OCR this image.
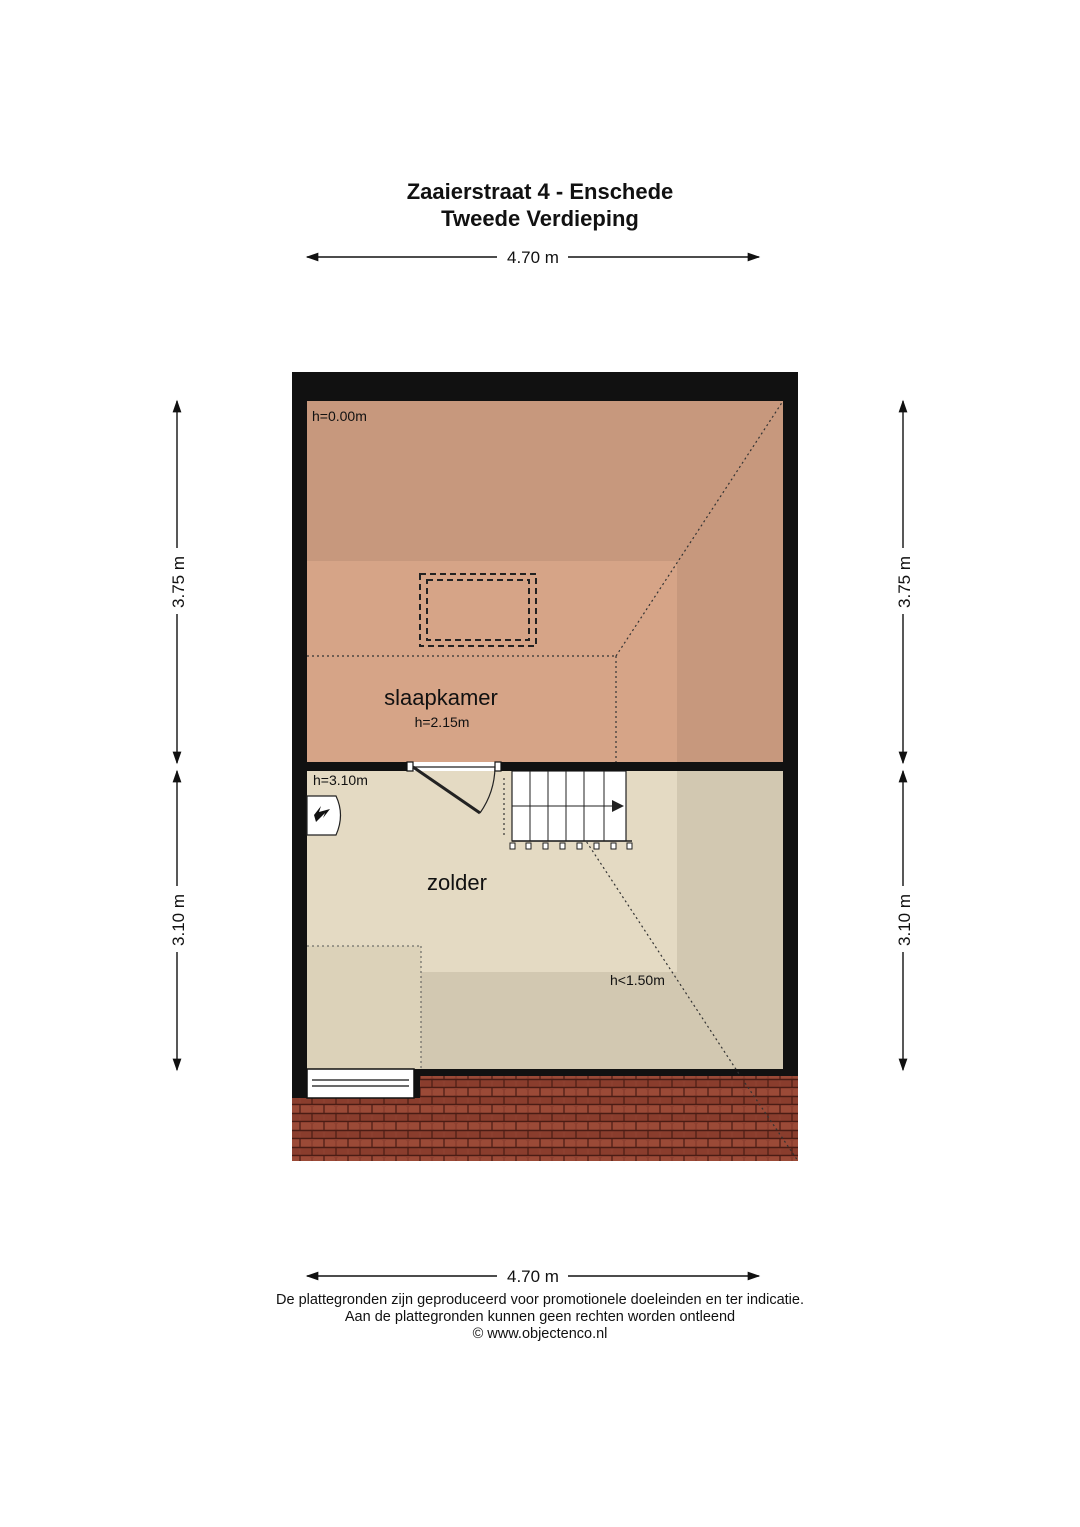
Zaaierstraat 4 - Enschede
Tweede Verdieping
4.70 m
4.70 m
3.75 m
3.10 m
3.75 m
3.10 m
h=0.00m
slaapkamer
h=2.15m
h=3.10m
zolder
h<1.50m
De plattegronden zijn geproduceerd voor promotionele doeleinden en ter indicatie.
Aan de plattegronden kunnen geen rechten worden ontleend
© www.objectenco.nl
